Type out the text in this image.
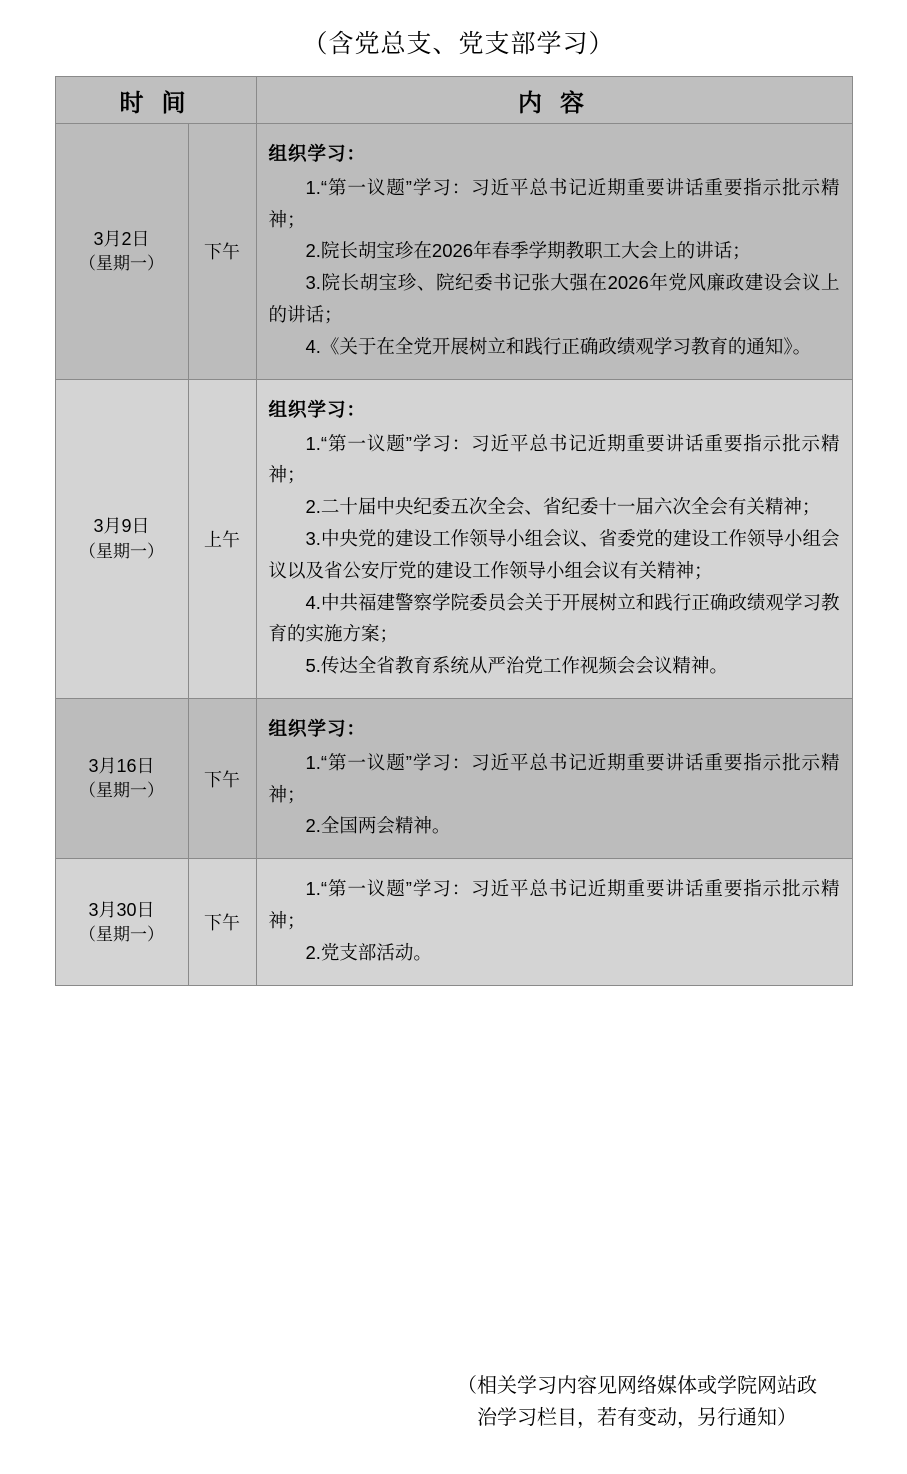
（含党总支、党支部学习）
时 间		内 容
3月2日
（星期一）
	下午	
组织学习：
1.“第一议题”学习：习近平总书记近期重要讲话重要指示批示精神；
2.院长胡宝珍在2026年春季学期教职工大会上的讲话；
3.院长胡宝珍、院纪委书记张大强在2026年党风廉政建设会议上的讲话；
4.《关于在全党开展树立和践行正确政绩观学习教育的通知》。

3月9日
（星期一）
	上午	
组织学习：
1.“第一议题”学习：习近平总书记近期重要讲话重要指示批示精神；
2.二十届中央纪委五次全会、省纪委十一届六次全会有关精神；
3.中央党的建设工作领导小组会议、省委党的建设工作领导小组会议以及省公安厅党的建设工作领导小组会议有关精神；
4.中共福建警察学院委员会关于开展树立和践行正确政绩观学习教育的实施方案；
5.传达全省教育系统从严治党工作视频会会议精神。

3月16日
（星期一）
	下午	
组织学习：
1.“第一议题”学习：习近平总书记近期重要讲话重要指示批示精神；
2.全国两会精神。

3月30日
（星期一）
	下午	
1.“第一议题”学习：习近平总书记近期重要讲话重要指示批示精神；
2.党支部活动。
（相关学习内容见网络媒体或学院网站政
治学习栏目，若有变动，另行通知）
